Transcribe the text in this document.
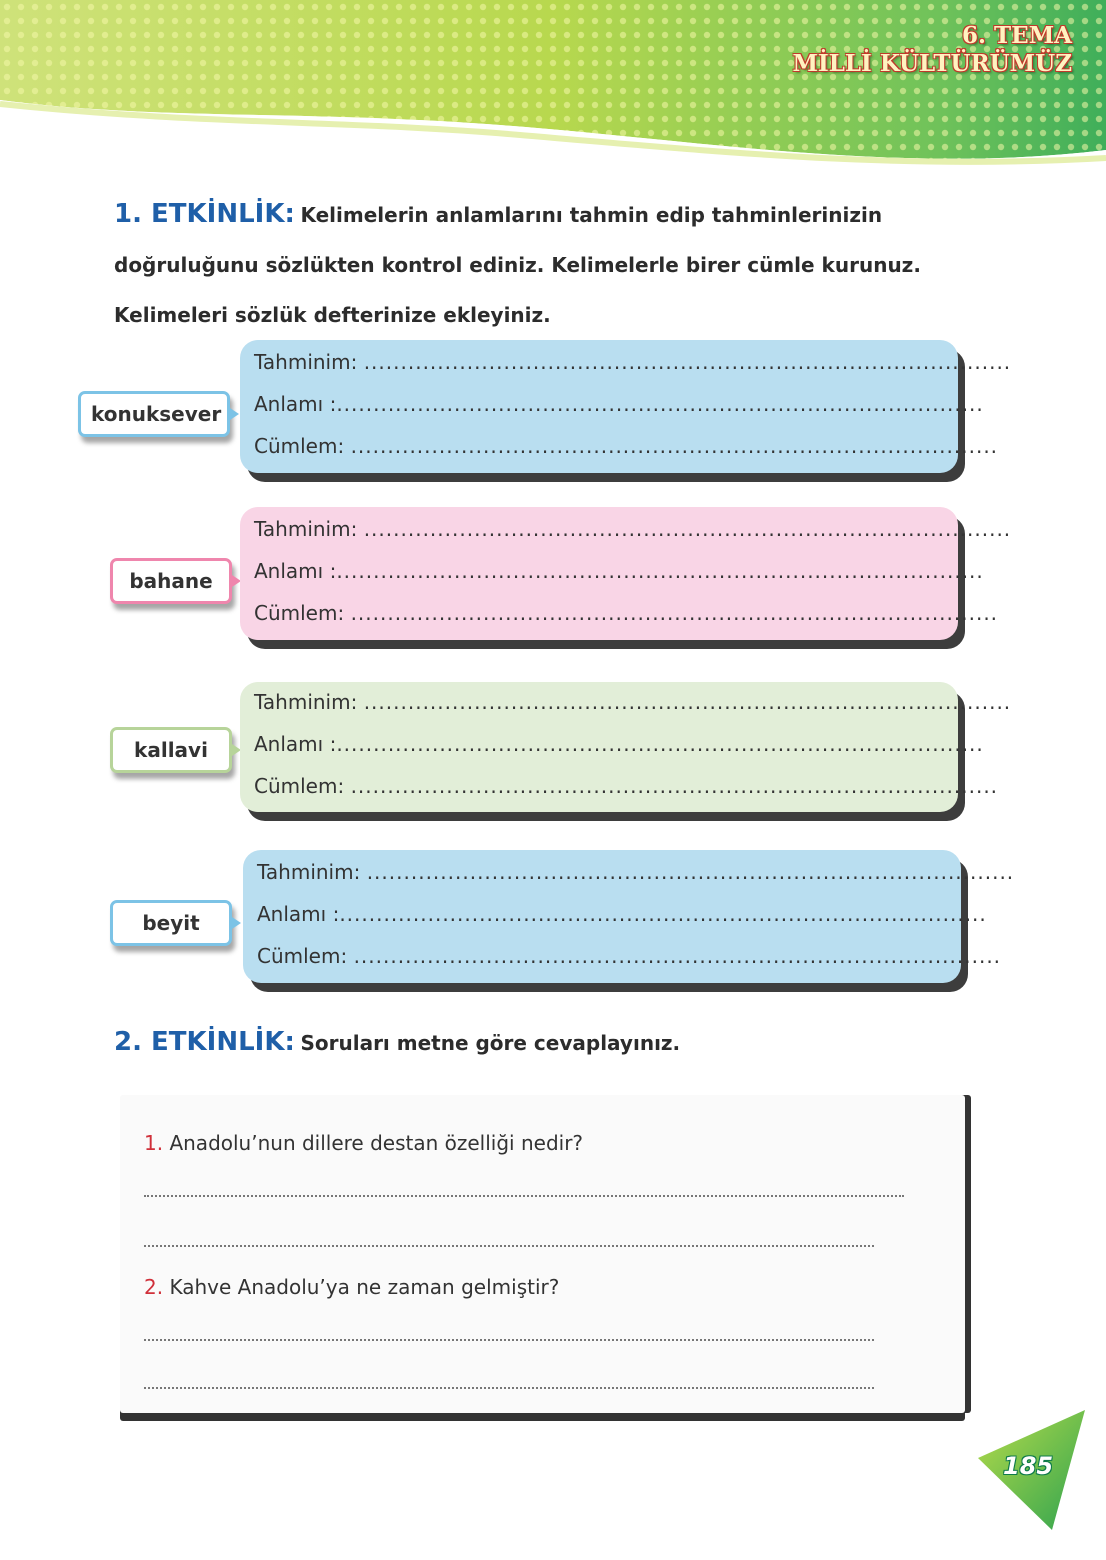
6. TEMA
MİLLİ KÜLTÜRÜMÜZ
1. ETKİNLİK: Kelimelerin anlamlarını tahmin edip tahminlerinizin doğruluğunu sözlükten kontrol ediniz. Kelimelerle birer cümle kurunuz. Kelimeleri sözlük defterinize ekleyiniz.
konuksever
Tahminim: ........................................................................................
Anlamı :........................................................................................
Cümlem: ........................................................................................
bahane
Tahminim: ........................................................................................
Anlamı :........................................................................................
Cümlem: ........................................................................................
kallavi
Tahminim: ........................................................................................
Anlamı :........................................................................................
Cümlem: ........................................................................................
beyit
Tahminim: ........................................................................................
Anlamı :........................................................................................
Cümlem: ........................................................................................
2. ETKİNLİK: Soruları metne göre cevaplayınız.
1. Anadolu’nun dillere destan özelliği nedir?
2. Kahve Anadolu’ya ne zaman gelmiştir?
185
